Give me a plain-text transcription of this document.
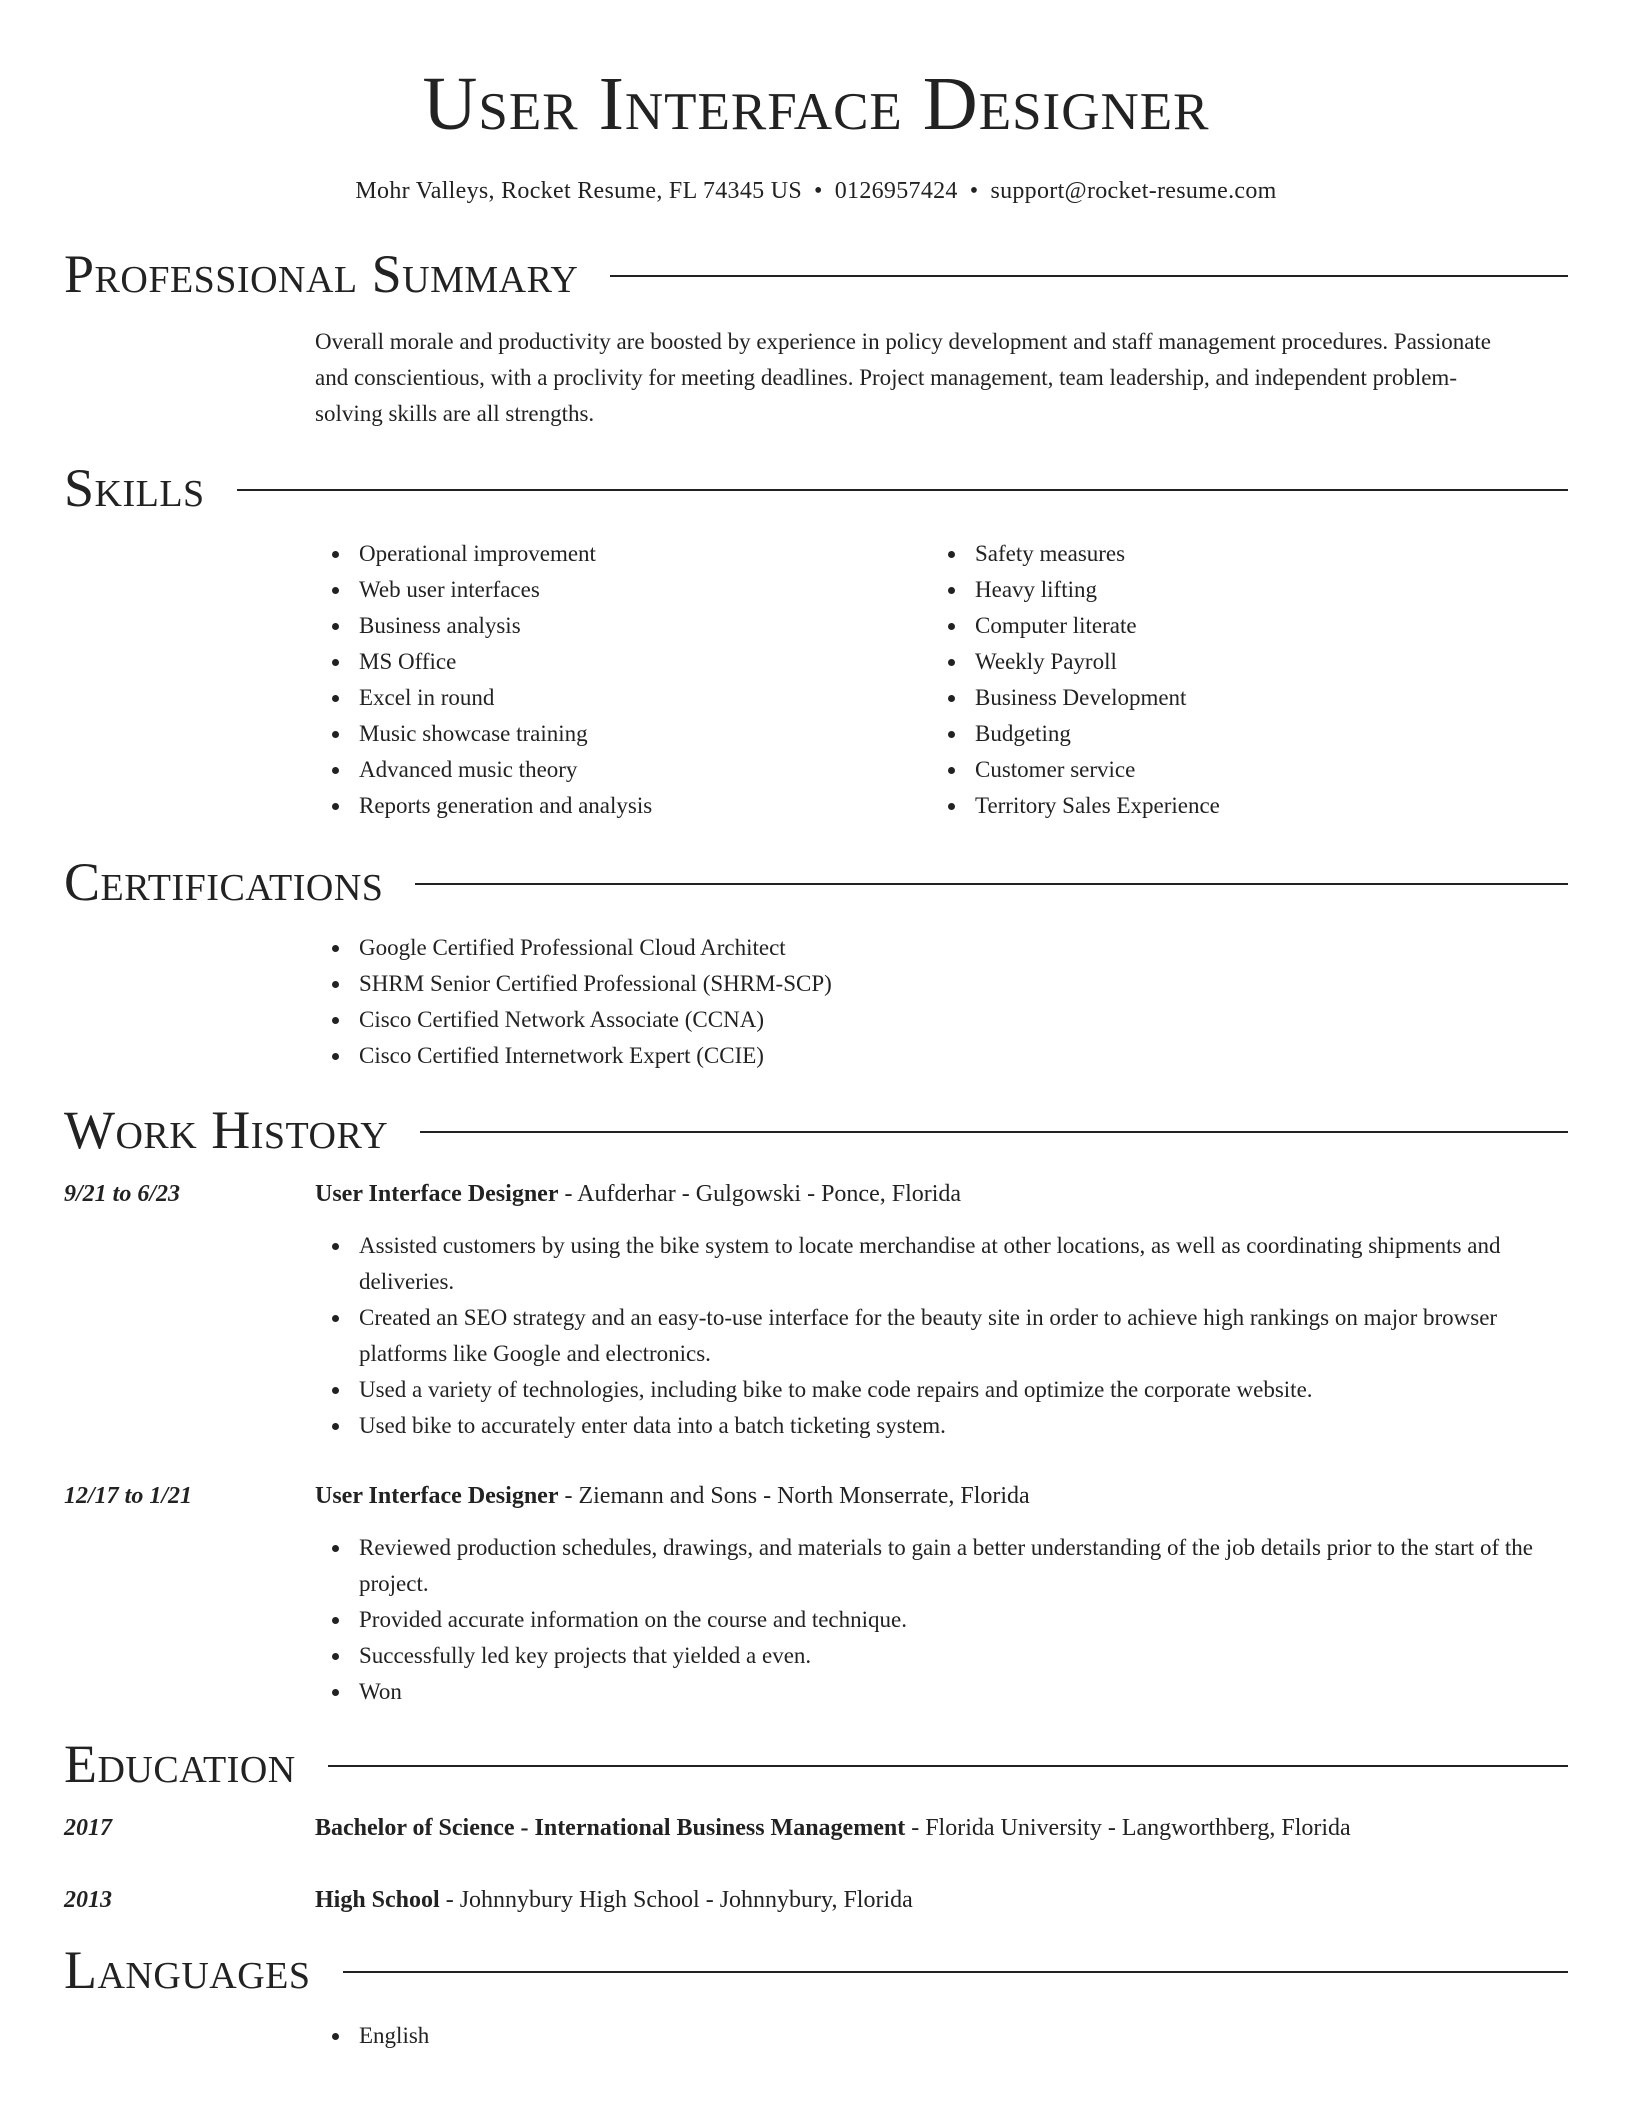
User Interface Designer
Mohr Valleys, Rocket Resume, FL 74345 US • 0126957424 • support@rocket-resume.com
Professional Summary
Overall morale and productivity are boosted by experience in policy development and staff management procedures. Passionate and conscientious, with a proclivity for meeting deadlines. Project management, team leadership, and independent problem-solving skills are all strengths.
Skills
Operational improvement
Web user interfaces
Business analysis
MS Office
Excel in round
Music showcase training
Advanced music theory
Reports generation and analysis
Safety measures
Heavy lifting
Computer literate
Weekly Payroll
Business Development
Budgeting
Customer service
Territory Sales Experience
Certifications
Google Certified Professional Cloud Architect
SHRM Senior Certified Professional (SHRM-SCP)
Cisco Certified Network Associate (CCNA)
Cisco Certified Internetwork Expert (CCIE)
Work History
9/21 to 6/23	User Interface Designer - Aufderhar - Gulgowski - Ponce, Florida
Assisted customers by using the bike system to locate merchandise at other locations, as well as coordinating shipments and deliveries.
Created an SEO strategy and an easy-to-use interface for the beauty site in order to achieve high rankings on major browser platforms like Google and electronics.
Used a variety of technologies, including bike to make code repairs and optimize the corporate website.
Used bike to accurately enter data into a batch ticketing system.
12/17 to 1/21	User Interface Designer - Ziemann and Sons - North Monserrate, Florida
Reviewed production schedules, drawings, and materials to gain a better understanding of the job details prior to the start of the project.
Provided accurate information on the course and technique.
Successfully led key projects that yielded a even.
Won
Education
2017	Bachelor of Science - International Business Management - Florida University - Langworthberg, Florida
2013	High School - Johnnybury High School - Johnnybury, Florida
Languages
English
